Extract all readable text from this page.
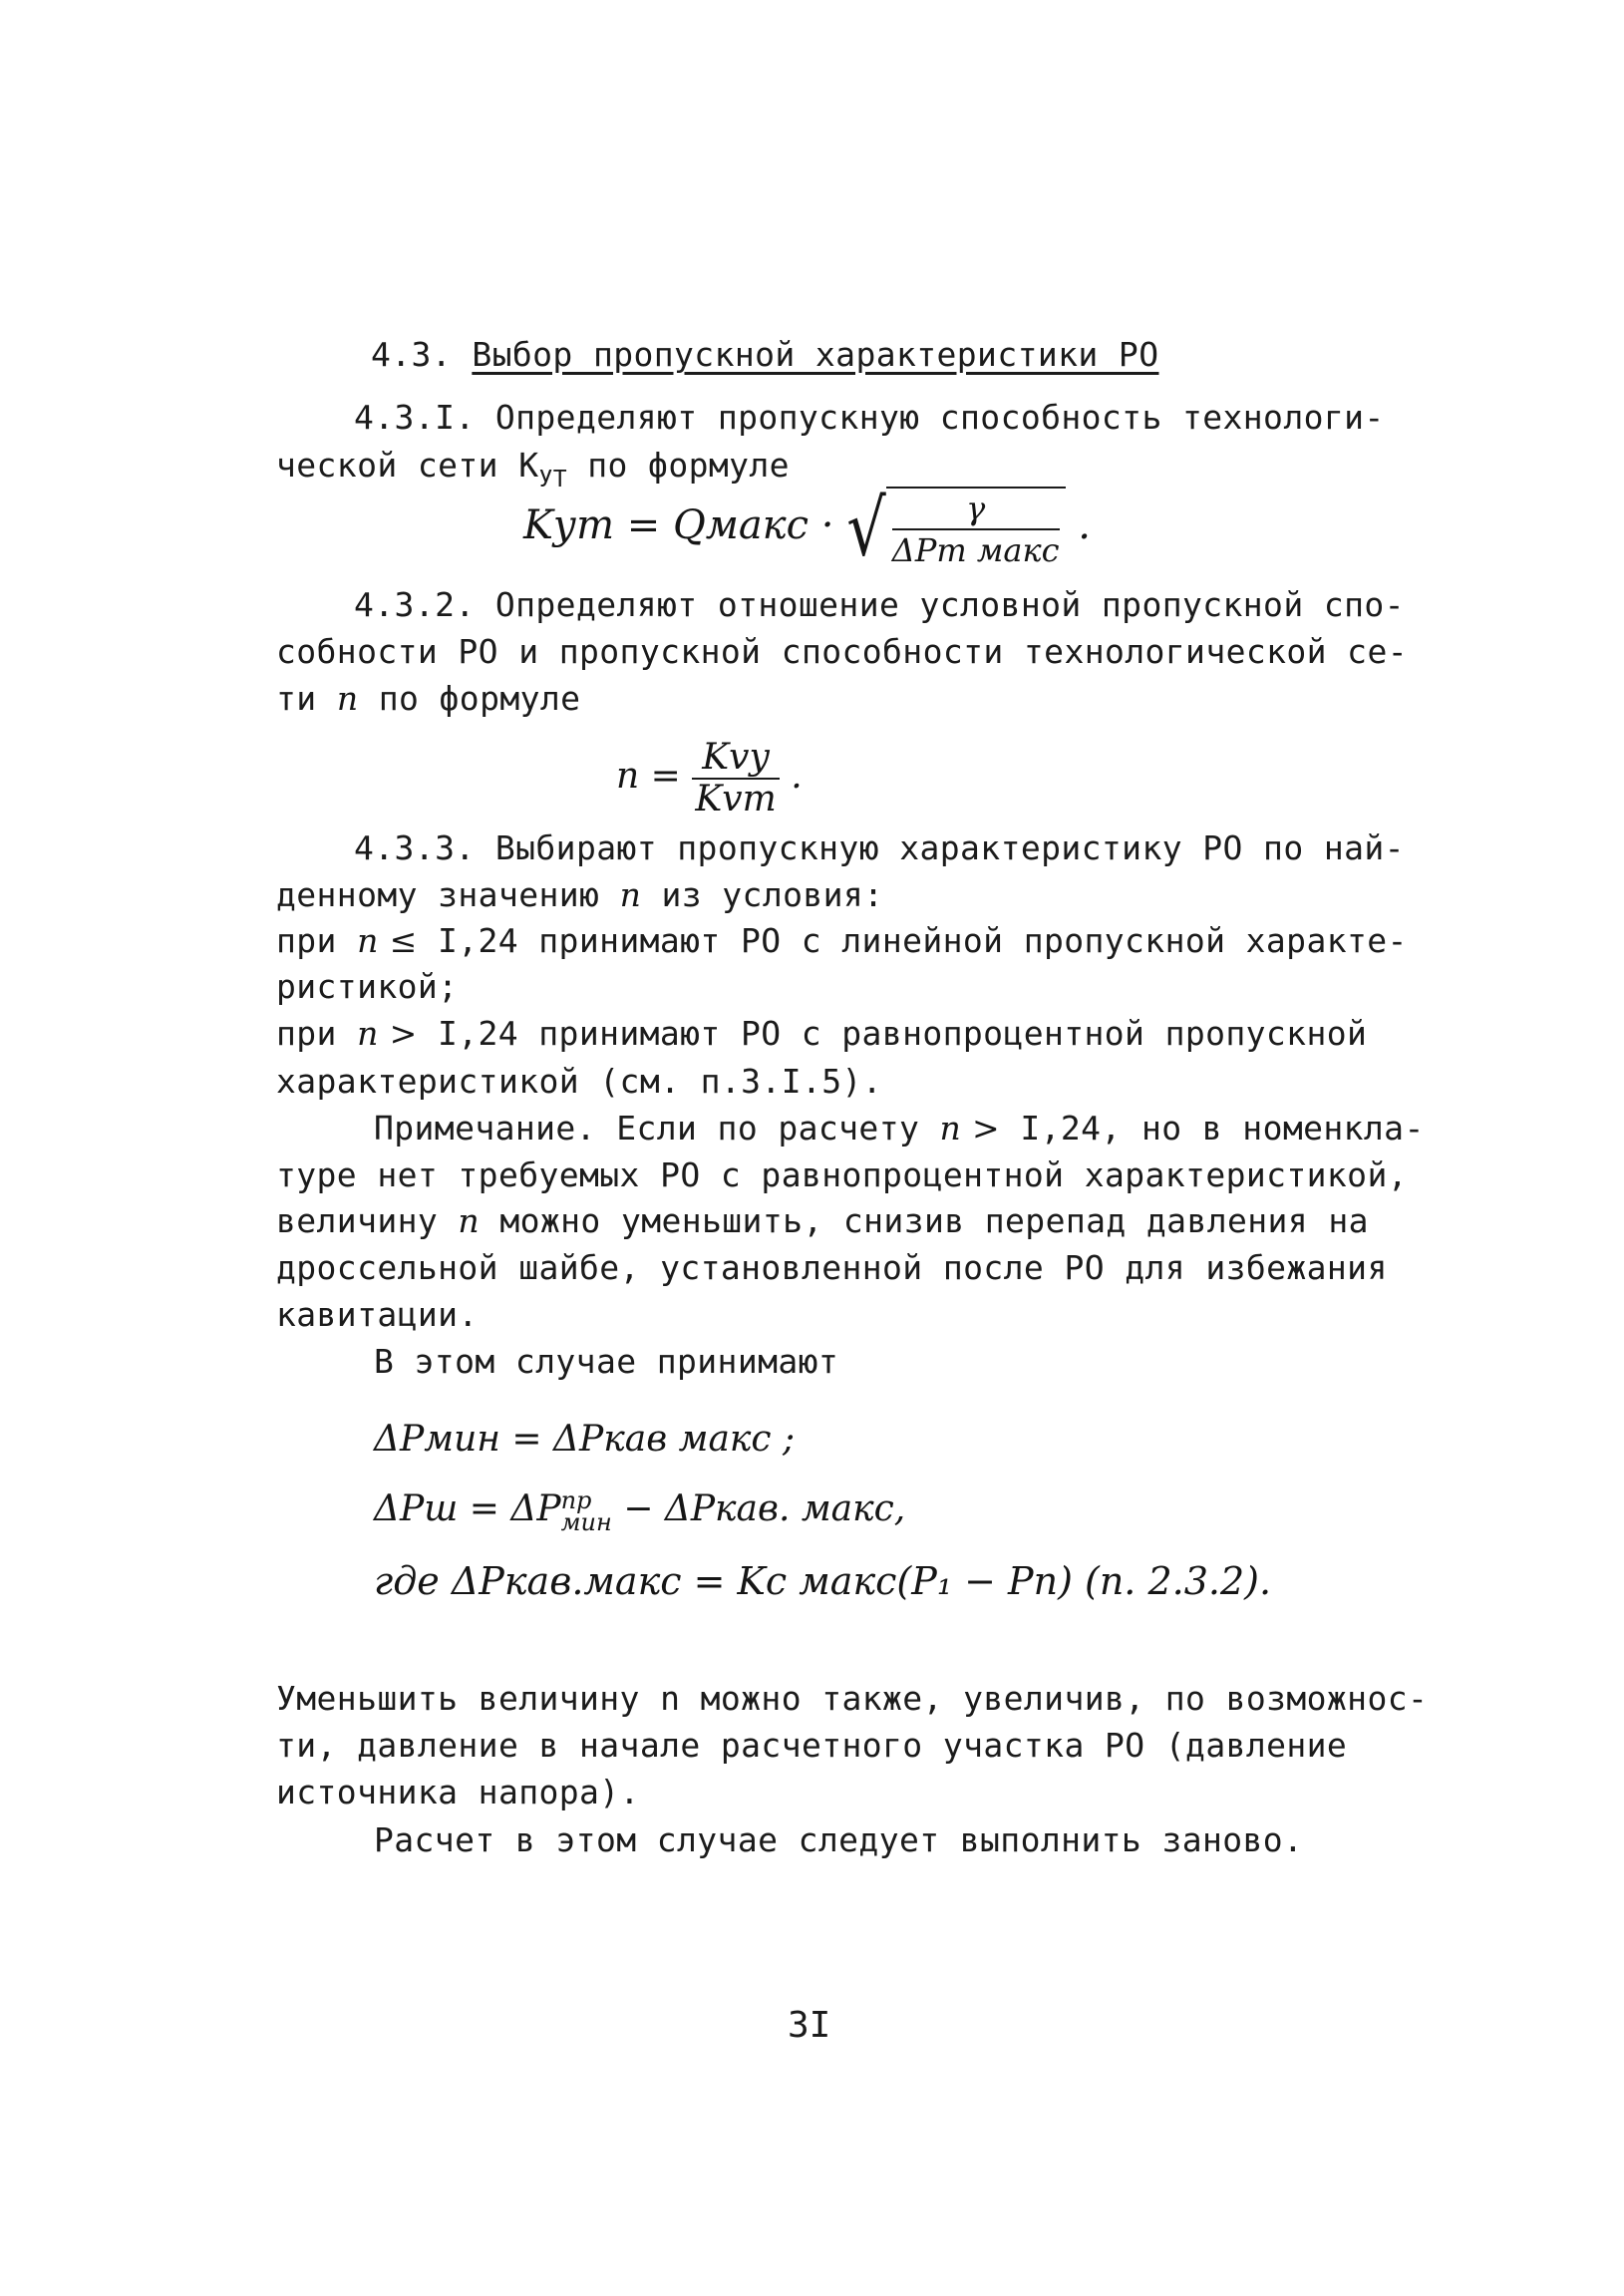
4.3. Выбор пропускной характеристики РО
4.3.I. Определяют пропускную способность технологи-
ческой сети $К_{УТ}$ по формуле
Kут = Qмакс · √ $\frac{\gamma}{\text{ΔPт макс}}$ .
4.3.2. Определяют отношение условной пропускной спо-
собности РО и пропускной способности технологической се-
ти n по формуле
$n = \frac{\text{Kvy}}{\text{Kvт}}$ .
4.3.3. Выбирают пропускную характеристику РО по най-
денному значению n из условия:
при n ≤ I,24 принимают РО с линейной пропускной характе-
ристикой;
при n > I,24 принимают РО с равнопроцентной пропускной
характеристикой (см. п.3.I.5).
Примечание. Если по расчету n > I,24, но в номенкла-
туре нет требуемых РО с равнопроцентной характеристикой,
величину n можно уменьшить, снизив перепад давления на
дроссельной шайбе, установленной после РО для избежания
кавитации.
В этом случае принимают
ΔPмин = ΔPкав макс ;
ΔPш = ΔP пр
мин − ΔPкав. макс,
где ΔPкав.макс = Kc макс(P₁ − Pп) (п. 2.3.2).
Уменьшить величину n можно также, увеличив, по возможнос-
ти, давление в начале расчетного участка РО (давление
источника напора).
Расчет в этом случае следует выполнить заново.
3I
